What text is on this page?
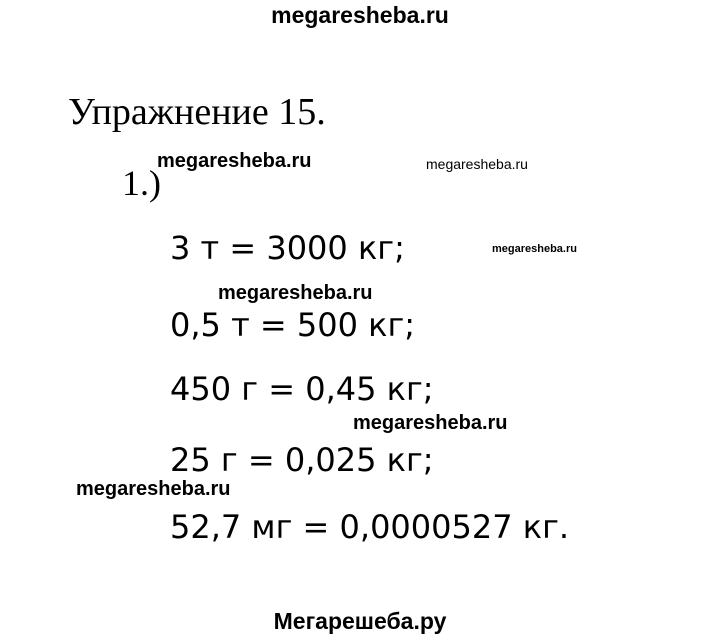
megaresheba.ru
Упражнение 15.
1.)
megaresheba.ru	megaresheba.ru
megaresheba.ru
megaresheba.ru
megaresheba.ru
megaresheba.ru
3 т = 3000 кг;
0,5 т = 500 кг;
450 г = 0,45 кг;
25 г = 0,025 кг;
52,7 мг = 0,0000527 кг.
Мегарешеба.ру
